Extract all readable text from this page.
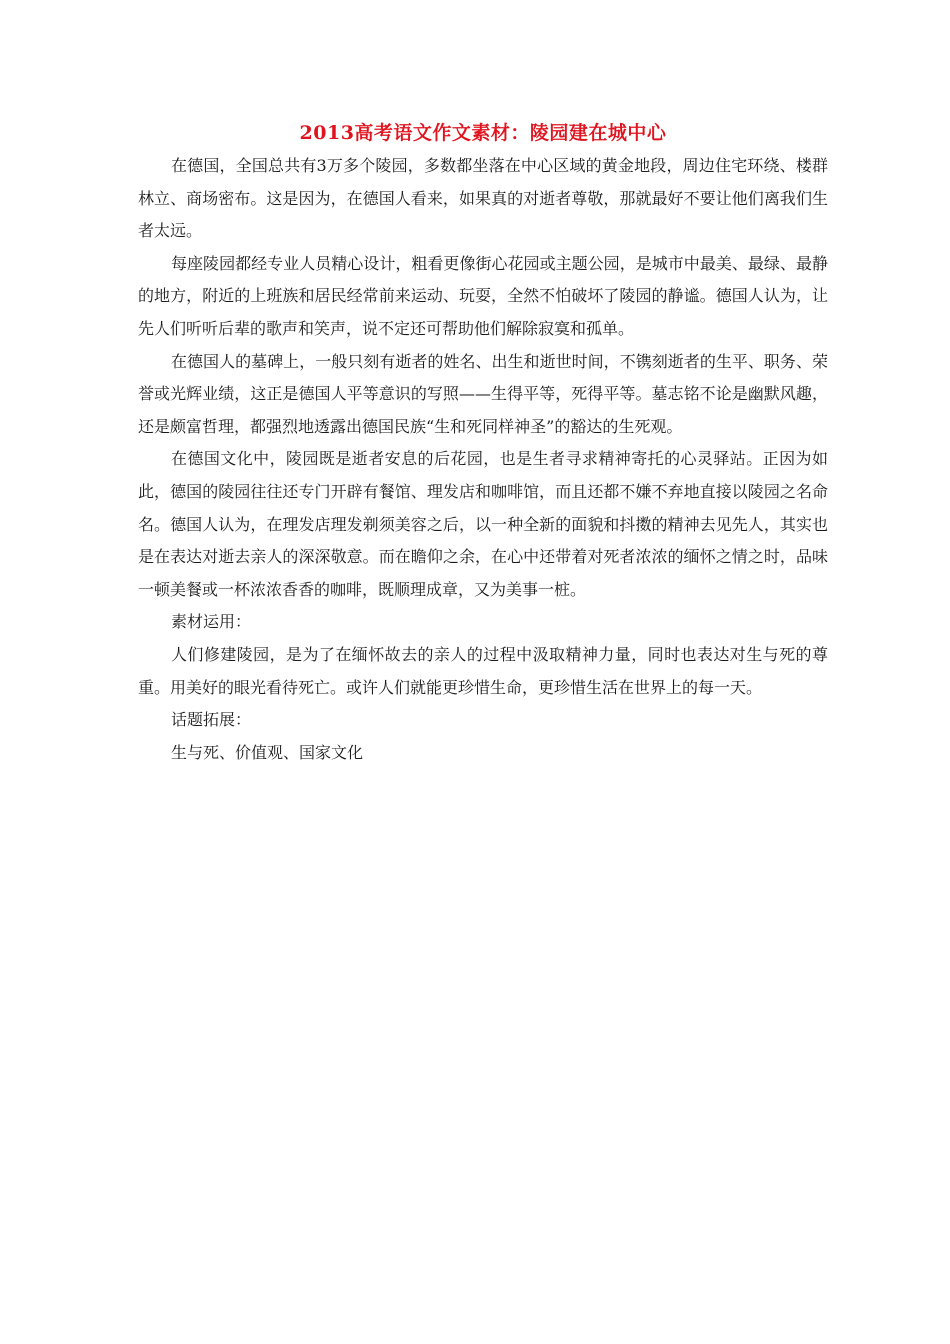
2013高考语文作文素材：陵园建在城中心

在德国，全国总共有3万多个陵园，多数都坐落在中心区域的黄金地段，周边住宅环绕、楼群林立、商场密布。这是因为，在德国人看来，如果真的对逝者尊敬，那就最好不要让他们离我们生者太远。

每座陵园都经专业人员精心设计，粗看更像街心花园或主题公园，是城市中最美、最绿、最静的地方，附近的上班族和居民经常前来运动、玩耍，全然不怕破坏了陵园的静谧。德国人认为，让先人们听听后辈的歌声和笑声，说不定还可帮助他们解除寂寞和孤单。

在德国人的墓碑上，一般只刻有逝者的姓名、出生和逝世时间，不镌刻逝者的生平、职务、荣誉或光辉业绩，这正是德国人平等意识的写照——生得平等，死得平等。墓志铭不论是幽默风趣，还是颇富哲理，都强烈地透露出德国民族“生和死同样神圣”的豁达的生死观。

在德国文化中，陵园既是逝者安息的后花园，也是生者寻求精神寄托的心灵驿站。正因为如此，德国的陵园往往还专门开辟有餐馆、理发店和咖啡馆，而且还都不嫌不弃地直接以陵园之名命名。德国人认为，在理发店理发剃须美容之后，以一种全新的面貌和抖擞的精神去见先人，其实也是在表达对逝去亲人的深深敬意。而在瞻仰之余，在心中还带着对死者浓浓的缅怀之情之时，品味一顿美餐或一杯浓浓香香的咖啡，既顺理成章，又为美事一桩。

素材运用：

人们修建陵园，是为了在缅怀故去的亲人的过程中汲取精神力量，同时也表达对生与死的尊重。用美好的眼光看待死亡。或许人们就能更珍惜生命，更珍惜生活在世界上的每一天。

话题拓展：

生与死、价值观、国家文化
